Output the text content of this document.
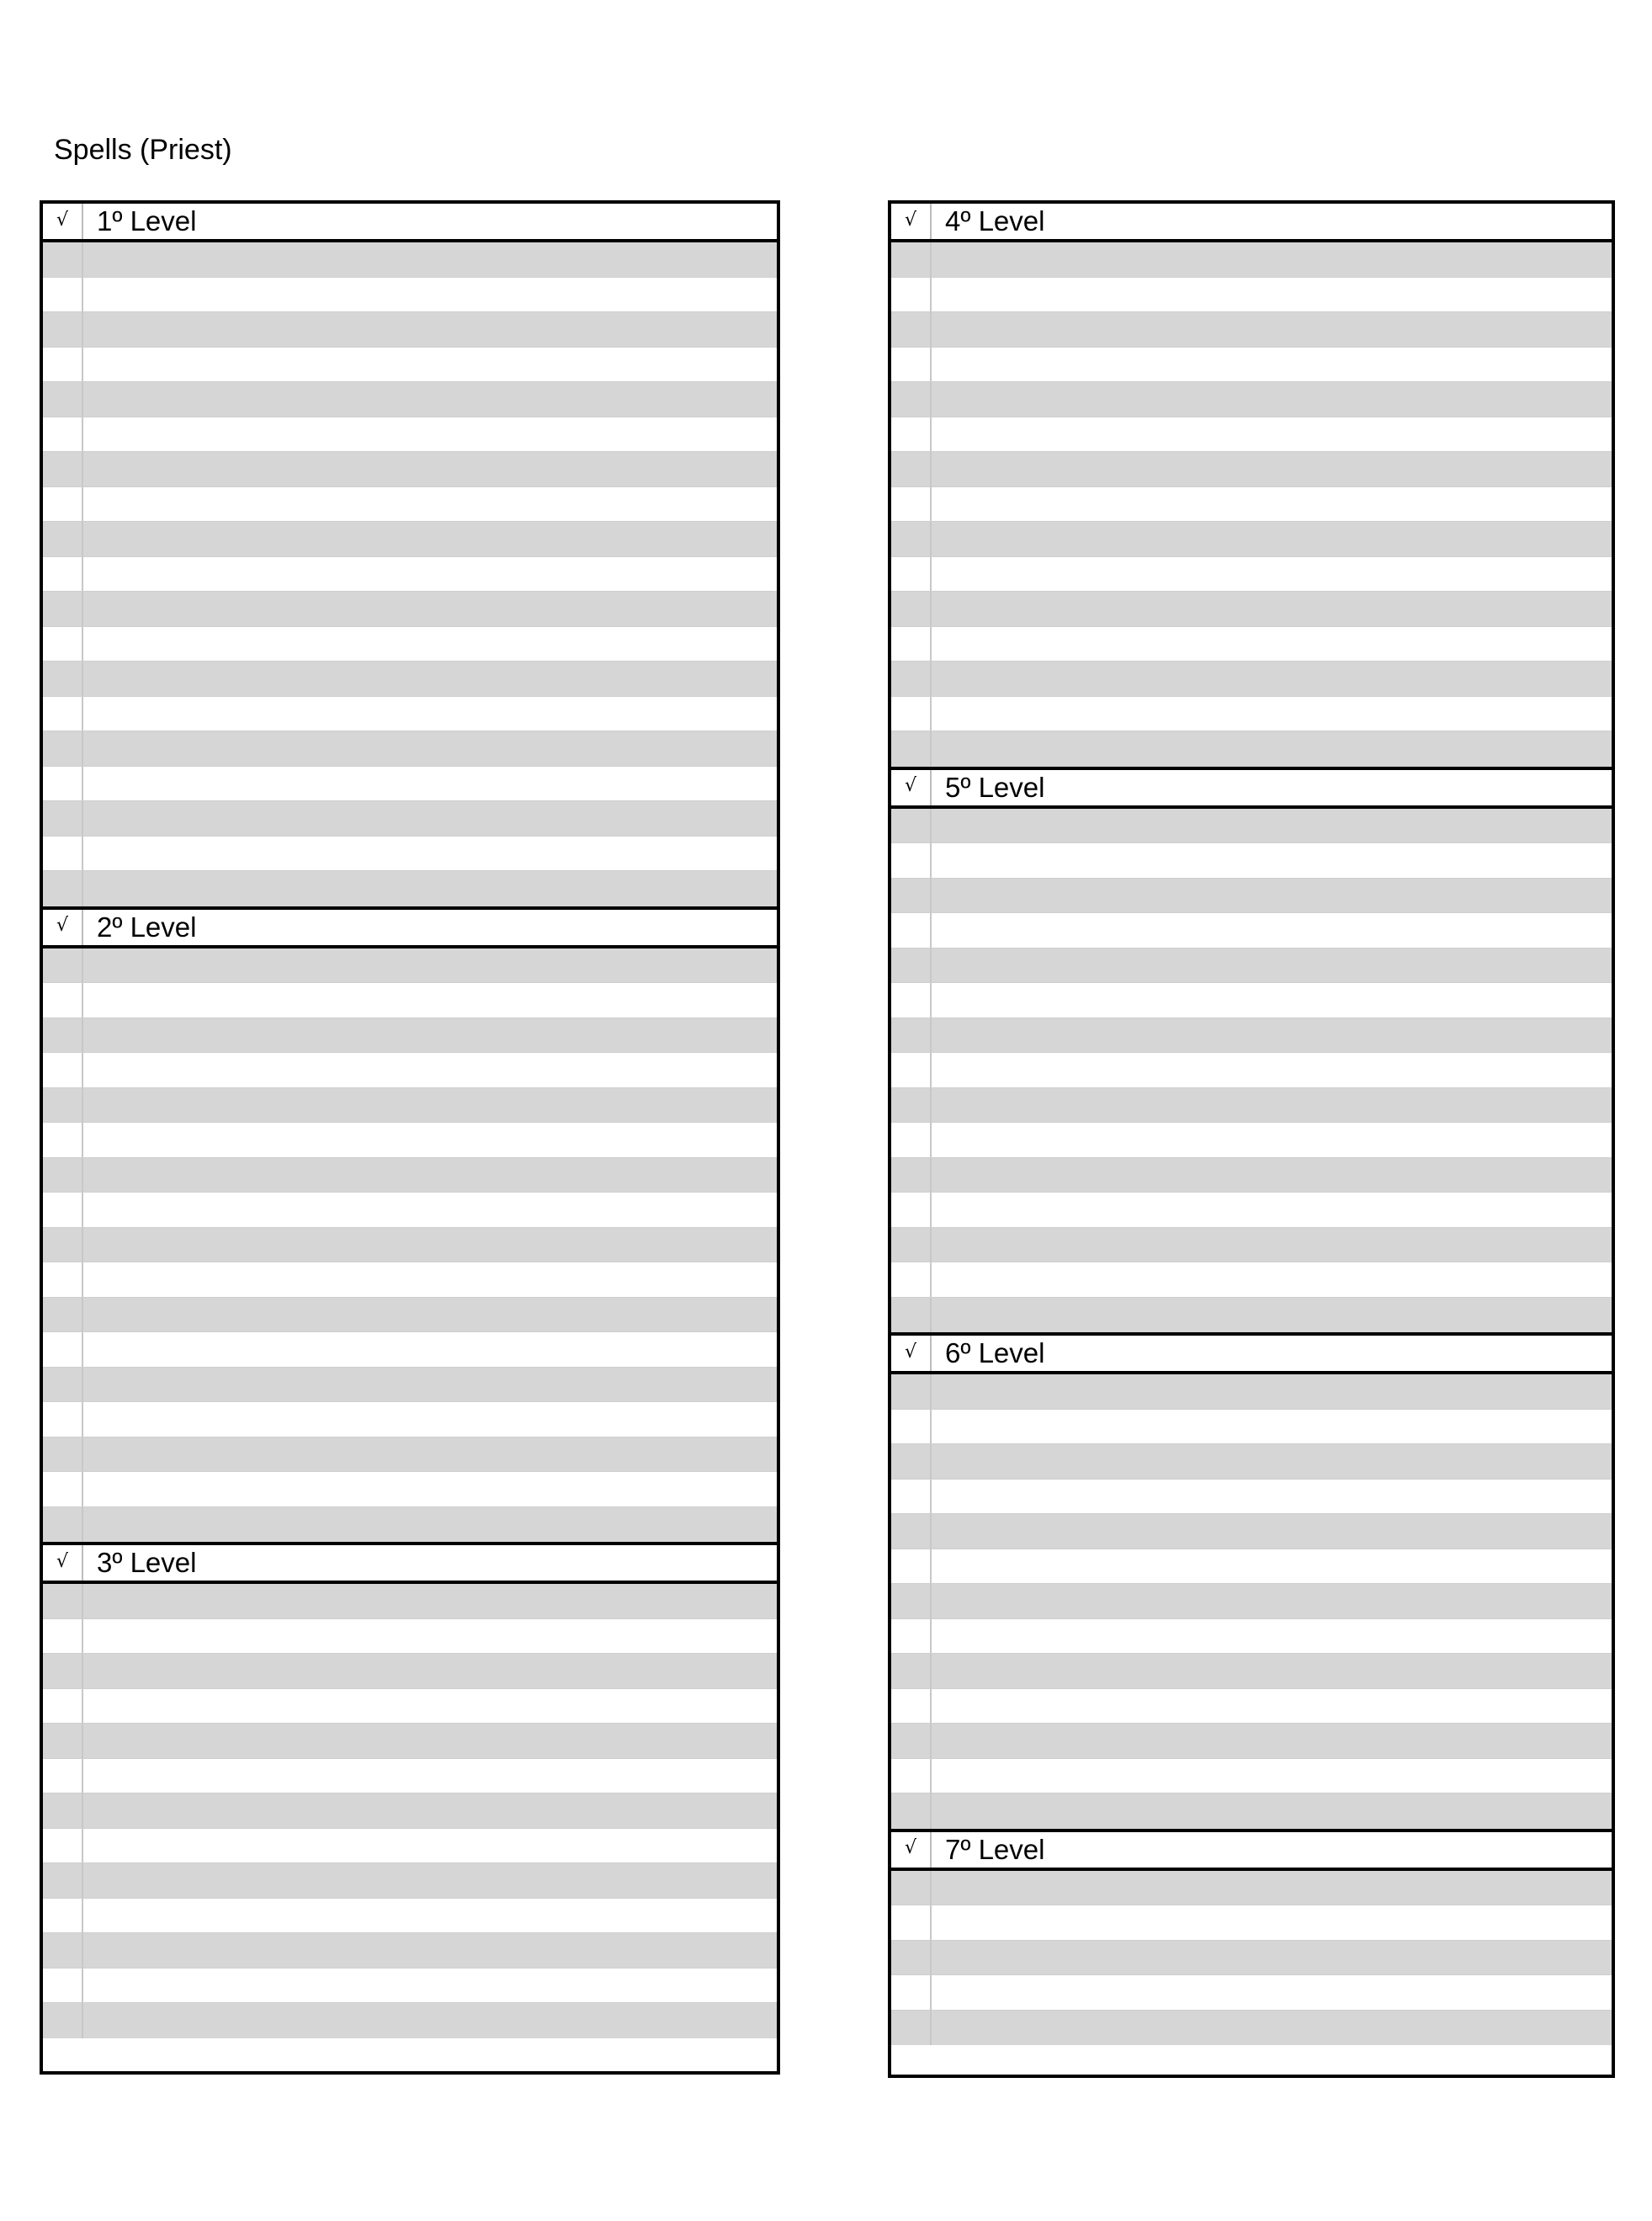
Spells (Priest)
√	1º Level
√	2º Level
√	3º Level
√	4º Level
√	5º Level
√	6º Level
√	7º Level
